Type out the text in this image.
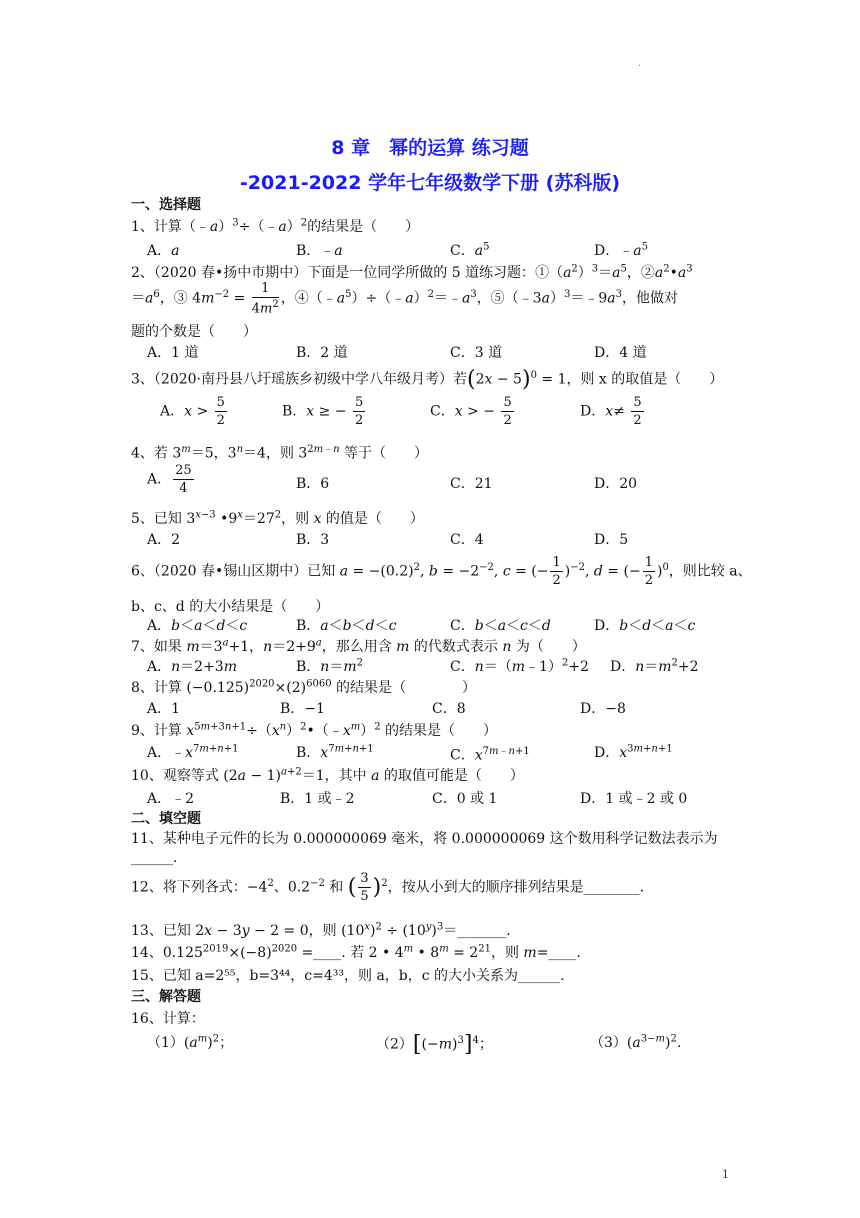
.
8 章　幂的运算 练习题
-2021-2022 学年七年级数学下册 (苏科版)
一、选择题
1、计算（﹣a）$^3$÷（﹣a）$^2$的结果是（　　）
A．a	B．﹣a	C．$a^5$	D．$﹣a^5$
2、（2020 春•扬中市期中）下面是一位同学所做的 5 道练习题：$①(a^2)^3=a^5$，$②a^2•a^3$
$=a^6$，③ $4m^{-2} = \frac{1}{4m^2}$ ，$④(﹣a^5)\div(﹣a)^2=﹣a^3$，$⑤(﹣3a)^3=﹣9a^3$，他做对
题的个数是（　　）
A．1 道	B．2 道	C．3 道	D．4 道
3、（2020·南丹县八圩瑶族乡初级中学八年级月考）若$(2x - 5)^0 = 1$，则 x 的取值是（　　）
A．$x > \frac{5}{2}$	B．x ≥ − $\frac{5}{2}$	C．x > − $\frac{5}{2}$	D．$x\ne \frac{5}{2}$
4、若 $3^m=5$，$3^n=4$，则 $3^{2m﹣n}$ 等于（　　）
A． $\frac{25}{4}$	B．6	C．21	D．20
5、已知 $3^{x-3}$ $•9^x=27^2$，则 x 的值是（　　）
A．2	B．3	C．4	D．5
6、（2020 春•锡山区期中）已知 $a = -(0.2)^2$, $b = -2^{-2}$, c = (− $\frac{1}{2} )^{-2}$, d = (− $\frac{1}{2} )^0$，则比较 a、
b、c、d 的大小结果是（　　）
A．b＜a＜d＜c	B．a＜b＜d＜c	C．b＜a＜c＜d	D．b＜d＜a＜c
7、如果 $m=3^a+1$，$n=2+9^a$，那么用含 m 的代数式表示 n 为（　　）
A．n＝2+3m	B．$n=m^2$	C．n＝（m﹣1）$^2$+2 D．$n=m^2+2$
8、计算 $(-0.125)^{2020}\times(2)^{6060}$ 的结果是（　　　　）
A．1	B．−1	C．8	D．−8
9、计算 $x^{5m+3n+1}\div(x^n)^2•(﹣x^m)^2$ 的结果是（　　）
A．$﹣x^{7m+n+1}$	B．$x^{7m+n+1}$	C．$x^{7m﹣n+1}$	D．$x^{3m+n+1}$
10、观察等式 $(2a - 1)^{a+2}=1$，其中 a 的取值可能是（　　）
A．﹣2	B．1 或﹣2	C．0 或 1	D．1 或﹣2 或 0
二、填空题
11、某种电子元件的长为 0.000000069 毫米，将 0.000000069 这个数用科学记数法表示为
______.
12、将下列各式：$-4^2$、$0.2^{-2}$ 和 ( $\frac{3}{5} )^2$，按从小到大的顺序排列结果是________.
13、已知 2x − 3y − 2 = 0，则 $(10^x)^2$ ÷ $(10^y)^3=\_\_\_\_\_\_\_$.
14、$0.125^{2019}\times(-8)^{2020}$ =____. 若 2 • 4$^m$ • $8^m = 2^{21}$，则 m=____.
15、已知 a=2⁵⁵，b=3⁴⁴，c=4³³，则 a，b，c 的大小关系为______.
三、解答题
16、计算：
$(1)(a^m)^2$；	$(2)[(-m)^3]^4$；	$(3)(a^{3-m})^2$.
1
